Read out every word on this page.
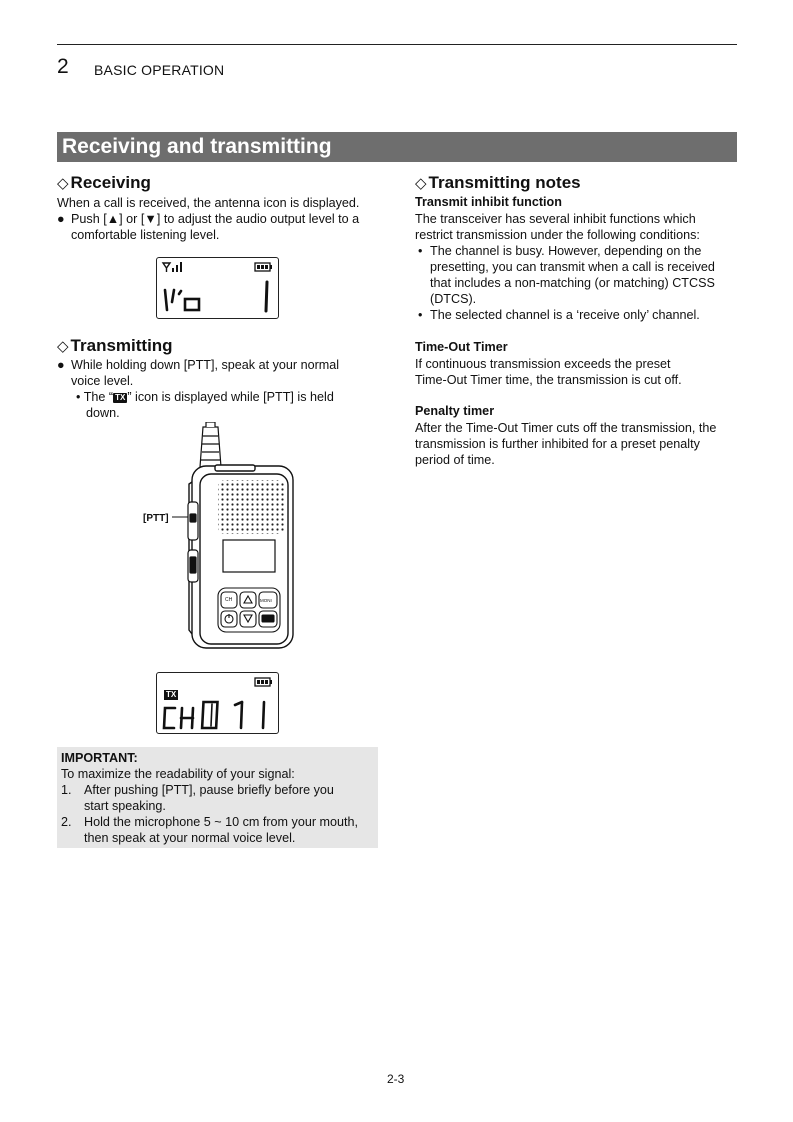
2 BASIC OPERATION
Receiving and transmitting
◇ Receiving
When a call is received, the antenna icon is displayed.
● Push [▲] or [▼] to adjust the audio output level to a
comfortable listening level.
◇ Transmitting
● While holding down [PTT], speak at your normal
voice level.
• The “ TX ” icon is displayed while [PTT] is held
down.
[PTT]
CH	MONI
TX
IMPORTANT:
To maximize the readability of your signal:
1. After pushing [PTT], pause briefly before you
start speaking.
2. Hold the microphone 5 ~ 10 cm from your mouth,
then speak at your normal voice level.
◇ Transmitting notes
Transmit inhibit function
The transceiver has several inhibit functions which
restrict transmission under the following conditions:
• The channel is busy. However, depending on the
presetting, you can transmit when a call is received
that includes a non-matching (or matching) CTCSS
(DTCS).
• The selected channel is a ‘receive only’ channel.
Time-Out Timer
If continuous transmission exceeds the preset
Time-Out Timer time, the transmission is cut off.
Penalty timer
After the Time-Out Timer cuts off the transmission, the
transmission is further inhibited for a preset penalty
period of time.
2-3
